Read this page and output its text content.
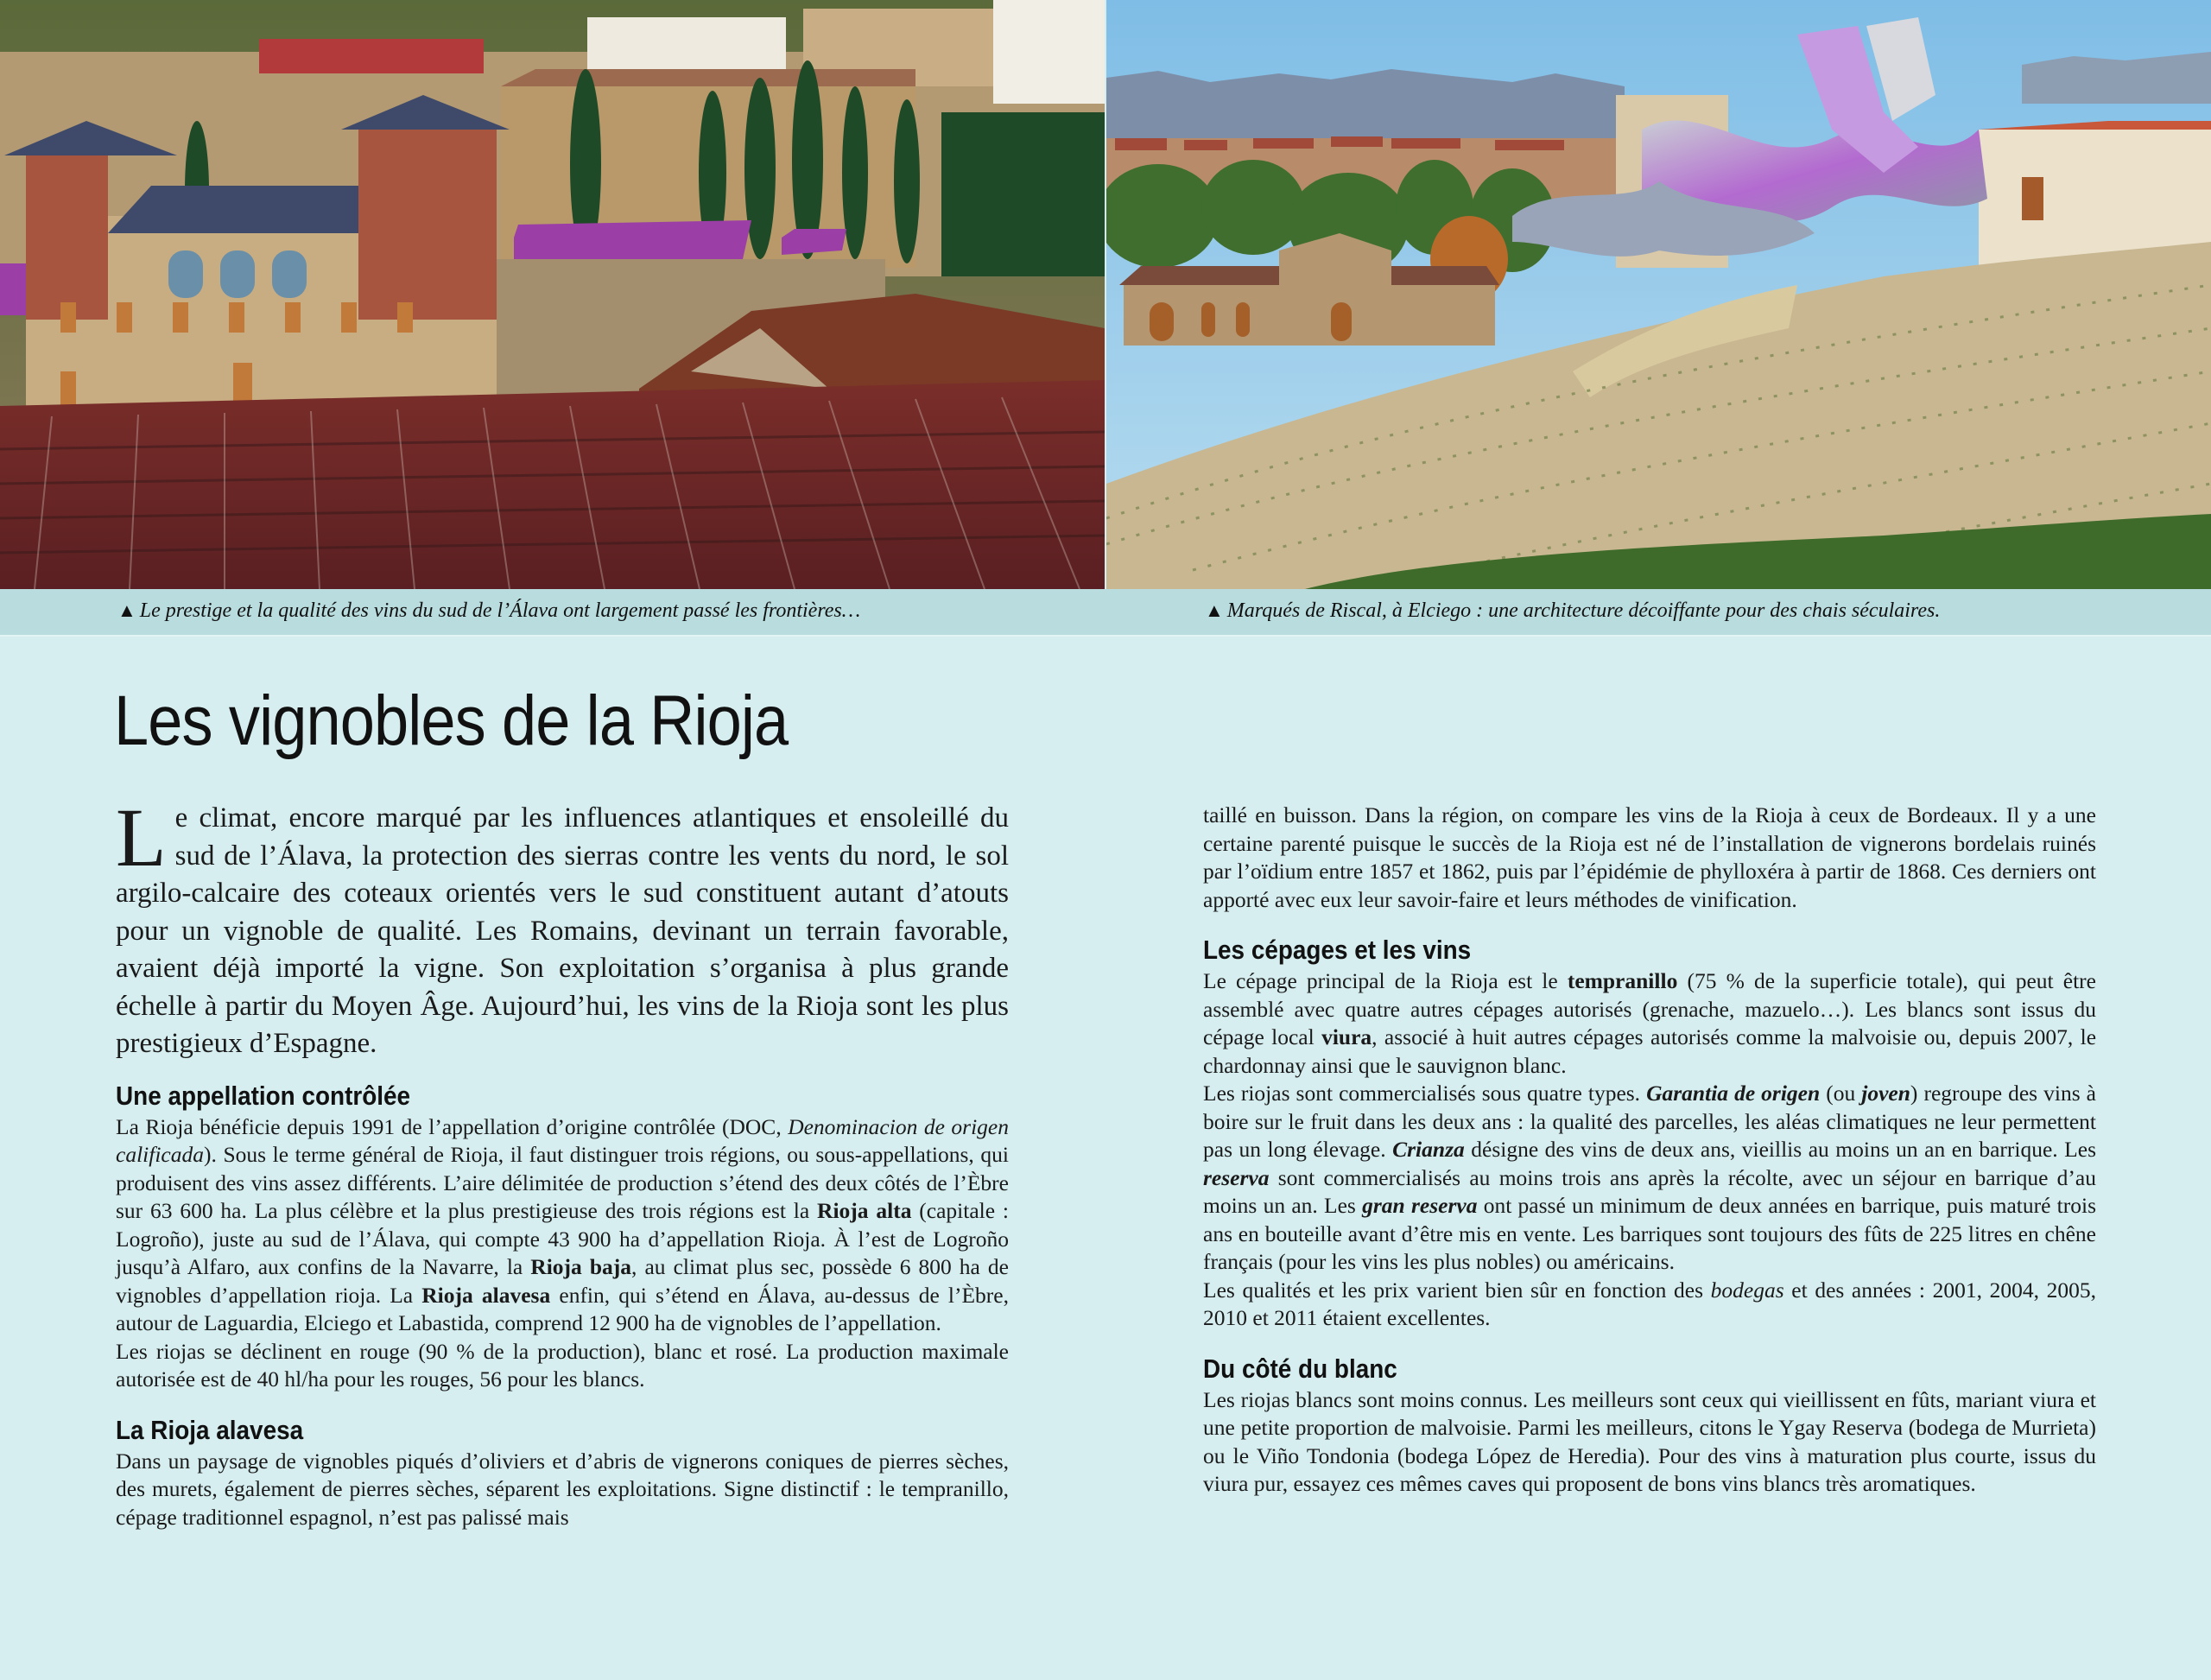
▲ Le prestige et la qualité des vins du sud de l’Álava ont largement passé les frontières…	▲ Marqués de Riscal, à Elciego : une architecture décoiffante pour des chais séculaires.
Les vignobles de la Rioja

Le climat, encore marqué par les influences atlantiques et ensoleillé du sud de l’Álava, la protection des sierras contre les vents du nord, le sol argilo-calcaire des coteaux orientés vers le sud constituent autant d’atouts pour un vignoble de qualité. Les Romains, devinant un terrain favorable, avaient déjà importé la vigne. Son exploitation s’organisa à plus grande échelle à partir du Moyen Âge. Aujourd’hui, les vins de la Rioja sont les plus prestigieux d’Espagne.

Une appellation contrôlée

La Rioja bénéficie depuis 1991 de l’appellation d’origine contrôlée (DOC, Denominacion de origen calificada). Sous le terme général de Rioja, il faut distinguer trois régions, ou sous-appellations, qui produisent des vins assez différents. L’aire délimitée de production s’étend des deux côtés de l’Èbre sur 63 600 ha. La plus célèbre et la plus prestigieuse des trois régions est la Rioja alta (capitale : Logroño), juste au sud de l’Álava, qui compte 43 900 ha d’appellation Rioja. À l’est de Logroño jusqu’à Alfaro, aux confins de la Navarre, la Rioja baja, au climat plus sec, possède 6 800 ha de vignobles d’appellation rioja. La Rioja alavesa enfin, qui s’étend en Álava, au-dessus de l’Èbre, autour de Laguardia, Elciego et Labastida, comprend 12 900 ha de vignobles de l’appellation.

Les riojas se déclinent en rouge (90 % de la production), blanc et rosé. La production maximale autorisée est de 40 hl/ha pour les rouges, 56 pour les blancs.

La Rioja alavesa

Dans un paysage de vignobles piqués d’oliviers et d’abris de vignerons coniques de pierres sèches, des murets, également de pierres sèches, séparent les exploitations. Signe distinctif : le tempranillo, cépage traditionnel espagnol, n’est pas palissé mais

taillé en buisson. Dans la région, on compare les vins de la Rioja à ceux de Bordeaux. Il y a une certaine parenté puisque le succès de la Rioja est né de l’installation de vignerons bordelais ruinés par l’oïdium entre 1857 et 1862, puis par l’épidémie de phylloxéra à partir de 1868. Ces derniers ont apporté avec eux leur savoir-faire et leurs méthodes de vinification.

Les cépages et les vins

Le cépage principal de la Rioja est le tempranillo (75 % de la superficie totale), qui peut être assemblé avec quatre autres cépages autorisés (grenache, mazuelo…). Les blancs sont issus du cépage local viura, associé à huit autres cépages autorisés comme la malvoisie ou, depuis 2007, le chardonnay ainsi que le sauvignon blanc.

Les riojas sont commercialisés sous quatre types. Garantia de origen (ou joven) regroupe des vins à boire sur le fruit dans les deux ans : la qualité des parcelles, les aléas climatiques ne leur permettent pas un long élevage. Crianza désigne des vins de deux ans, vieillis au moins un an en barrique. Les reserva sont commercialisés au moins trois ans après la récolte, avec un séjour en barrique d’au moins un an. Les gran reserva ont passé un minimum de deux années en barrique, puis maturé trois ans en bouteille avant d’être mis en vente. Les barriques sont toujours des fûts de 225 litres en chêne français (pour les vins les plus nobles) ou américains.

Les qualités et les prix varient bien sûr en fonction des bodegas et des années : 2001, 2004, 2005, 2010 et 2011 étaient excellentes.

Du côté du blanc

Les riojas blancs sont moins connus. Les meilleurs sont ceux qui vieillissent en fûts, mariant viura et une petite proportion de malvoisie. Parmi les meilleurs, citons le Ygay Reserva (bodega de Murrieta) ou le Viño Tondonia (bodega López de Heredia). Pour des vins à maturation plus courte, issus du viura pur, essayez ces mêmes caves qui proposent de bons vins blancs très aromatiques.
